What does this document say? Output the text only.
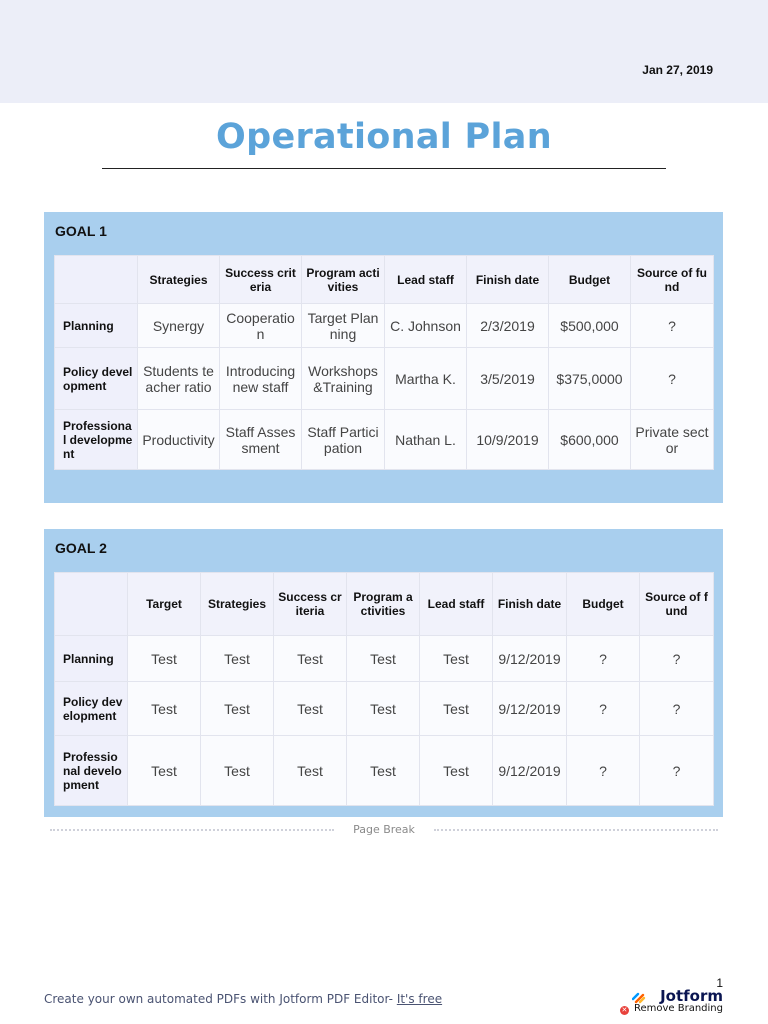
Jan 27, 2019
Operational Plan
GOAL 1
	Strategies	Success criteria	Program activities	Lead staff	Finish date	Budget	Source of fund
Planning	Synergy	Cooperation	Target Planning	C. Johnson	2/3/2019	$500,000	?
Policy development	Students teacher ratio	Introducing new staff	Workshops &Training	Martha K.	3/5/2019	$375,0000	?
Professional development	Productivity	Staff Assessment	Staff Participation	Nathan L.	10/9/2019	$600,000	Private sector
GOAL 2
	Target	Strategies	Success criteria	Program activities	Lead staff	Finish date	Budget	Source of fund
Planning	Test	Test	Test	Test	Test	9/12/2019	?	?
Policy development	Test	Test	Test	Test	Test	9/12/2019	?	?
Professional development	Test	Test	Test	Test	Test	9/12/2019	?	?
Page Break
1
Create your own automated PDFs with Jotform PDF Editor- It's free	Jotform
✕ Remove Branding
